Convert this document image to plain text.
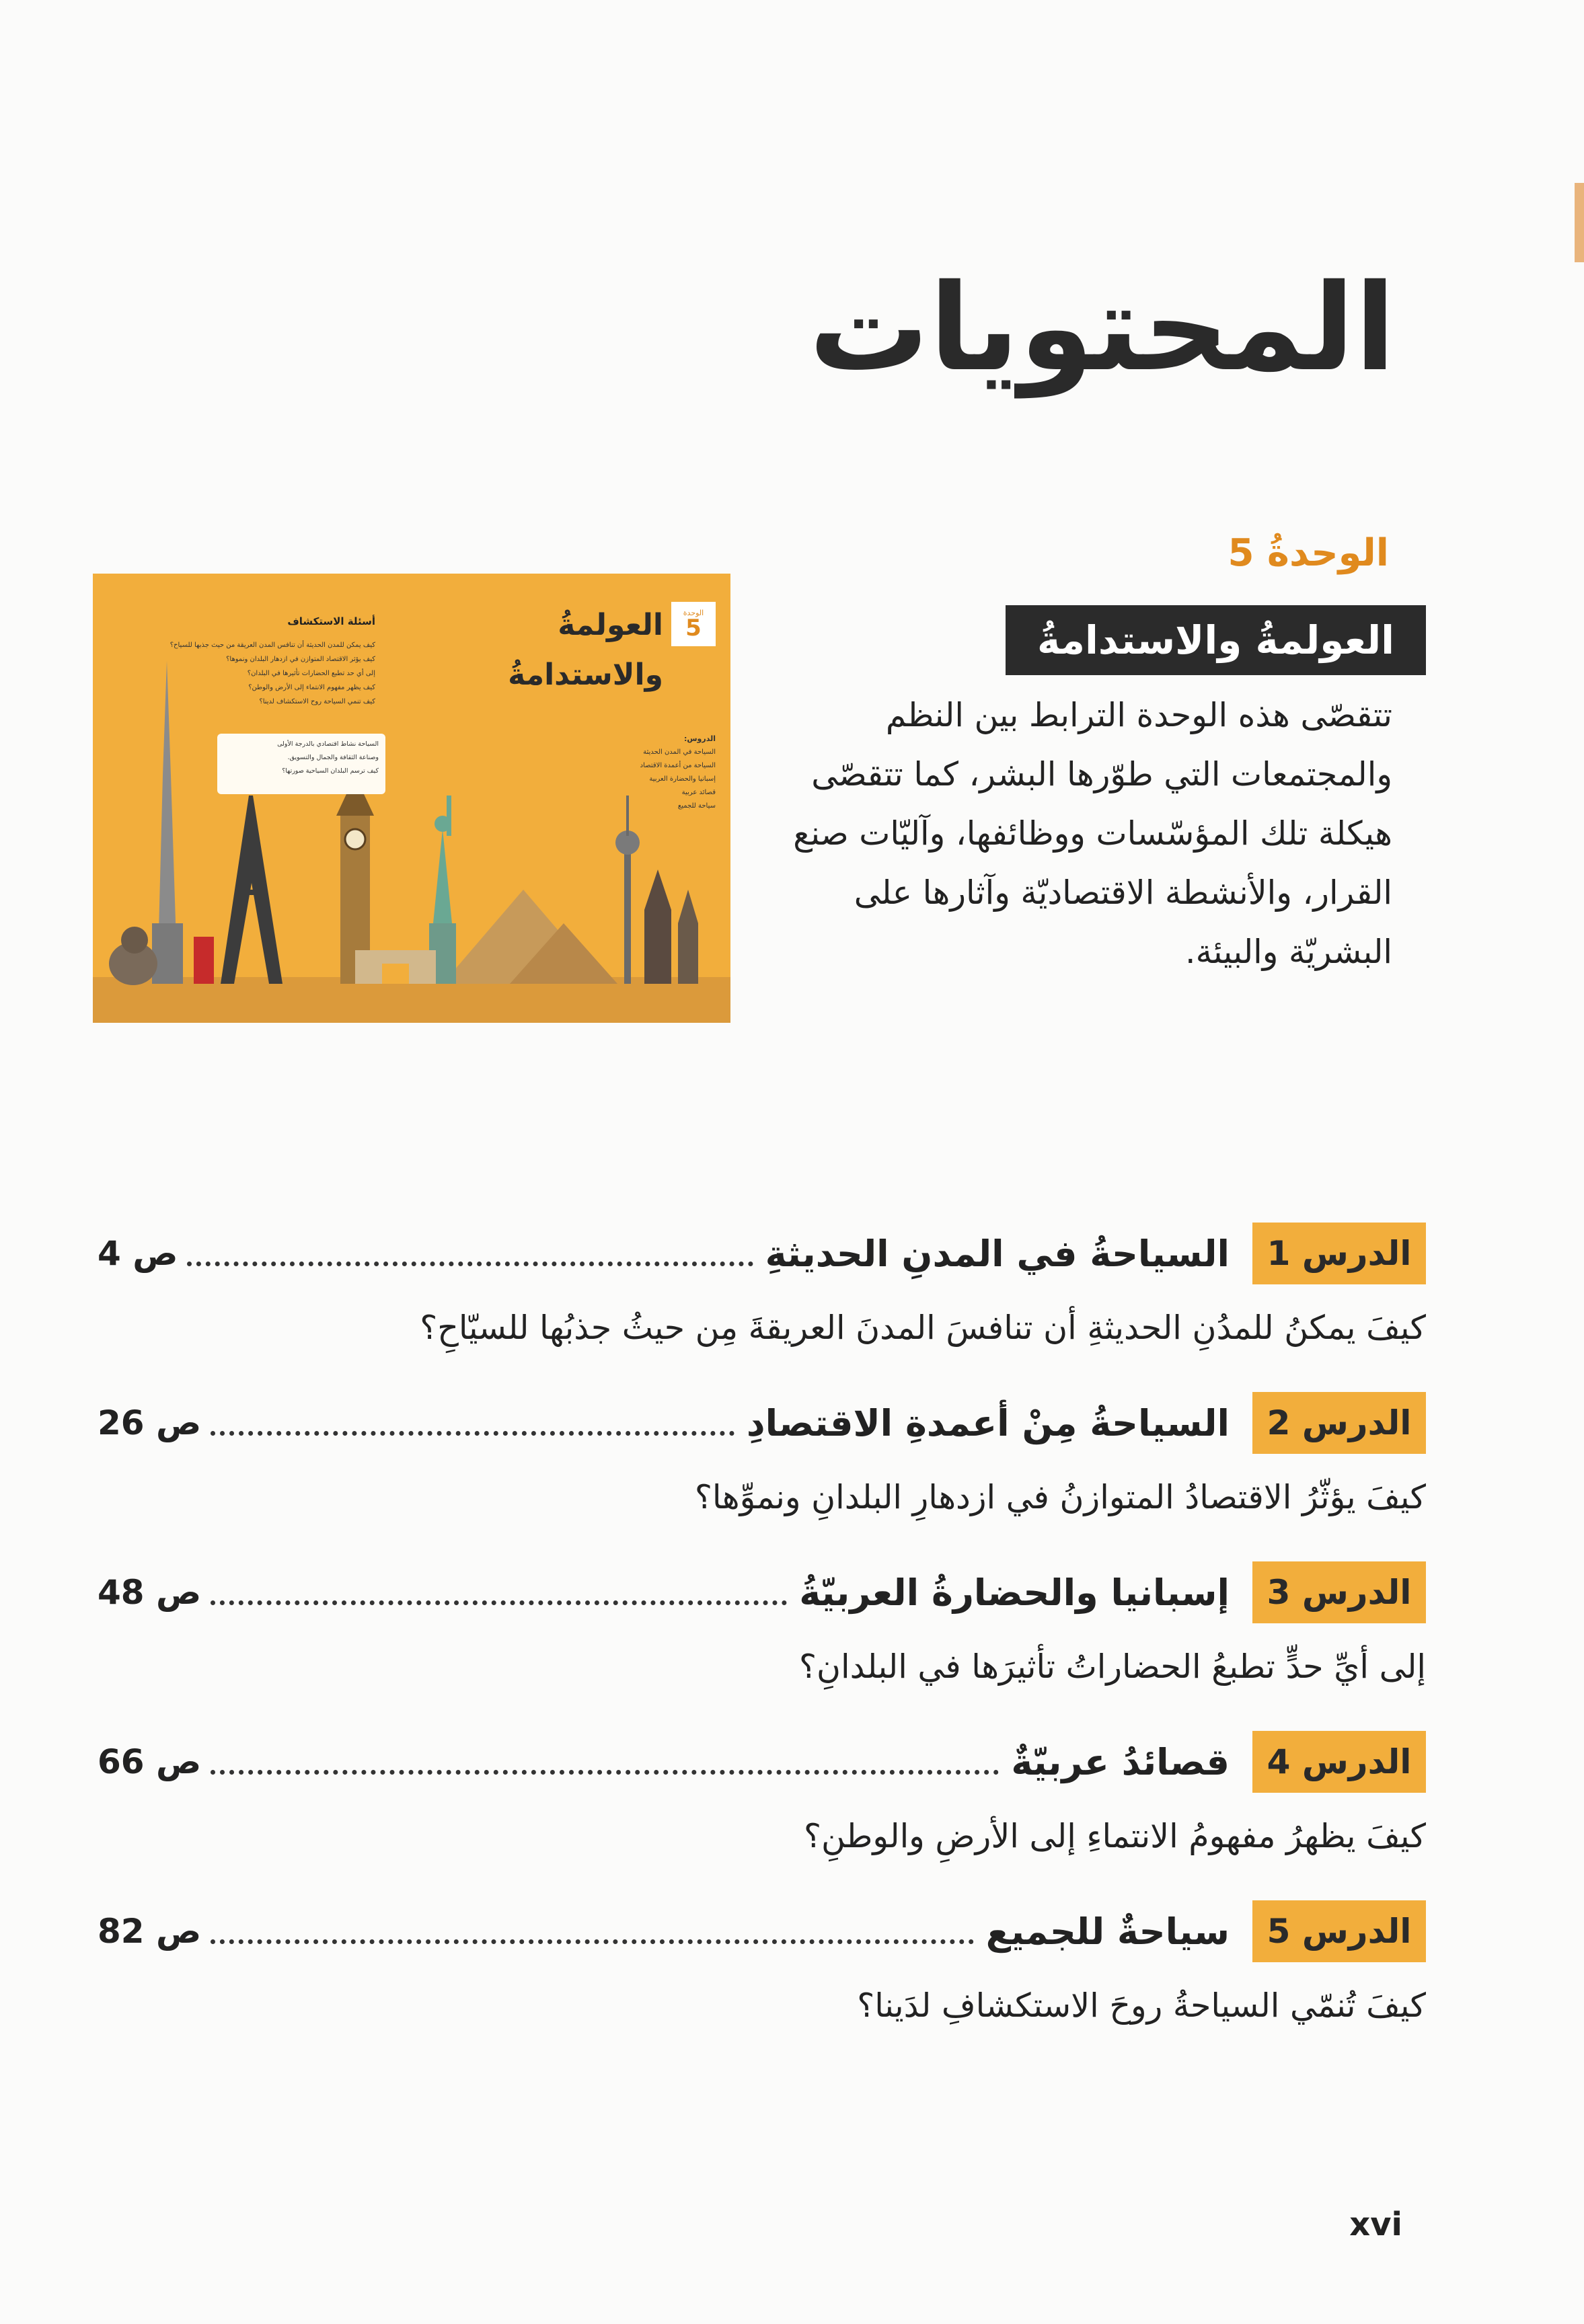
المحتويات
الوحدة
5
العولمةُ والاستدامةُ
الدروس:
السياحة في المدن الحديثة
السياحة من أعمدة الاقتصاد
إسبانيا والحضارة العربية
قصائد عربية
سياحة للجميع
أسئلة الاستكشاف
كيف يمكن للمدن الحديثة أن تنافس المدن العريقة من حيث جذبها للسياح؟
كيف يؤثر الاقتصاد المتوازن في ازدهار البلدان ونموها؟
إلى أي حد تطبع الحضارات تأثيرها في البلدان؟
كيف يظهر مفهوم الانتماء إلى الأرض والوطن؟
كيف تنمي السياحة روح الاستكشاف لدينا؟
السياحة نشاط اقتصادي بالدرجة الأولى
وصناعة الثقافة والجمال والتسويق.
كيف ترسم البلدان السياحية صورتها؟
الوحدةُ 5
العولمةُ والاستدامةُ

تتقصّى هذه الوحدة الترابط بين النظم والمجتمعات التي طوّرها البشر، كما تتقصّى هيكلة تلك المؤسّسات ووظائفها، وآليّات صنع القرار، والأنشطة الاقتصاديّة وآثارها على البشريّة والبيئة.

الدرس 1
السياحةُ في المدنِ الحديثةِ
ص 4

كيفَ يمكنُ للمدُنِ الحديثةِ أن تنافسَ المدنَ العريقةَ مِن حيثُ جذبُها للسيّاحِ؟

الدرس 2
السياحةُ مِنْ أعمدةِ الاقتصادِ
ص 26

كيفَ يؤثّرُ الاقتصادُ المتوازنُ في ازدهارِ البلدانِ ونموِّها؟

الدرس 3
إسبانيا والحضارةُ العربيّةُ
ص 48

إلى أيِّ حدٍّ تطبعُ الحضاراتُ تأثيرَها في البلدانِ؟

الدرس 4
قصائدُ عربيّةٌ
ص 66

كيفَ يظهرُ مفهومُ الانتماءِ إلى الأرضِ والوطنِ؟

الدرس 5
سياحةٌ للجميع
ص 82

كيفَ تُنمّي السياحةُ روحَ الاستكشافِ لدَينا؟

xvi
